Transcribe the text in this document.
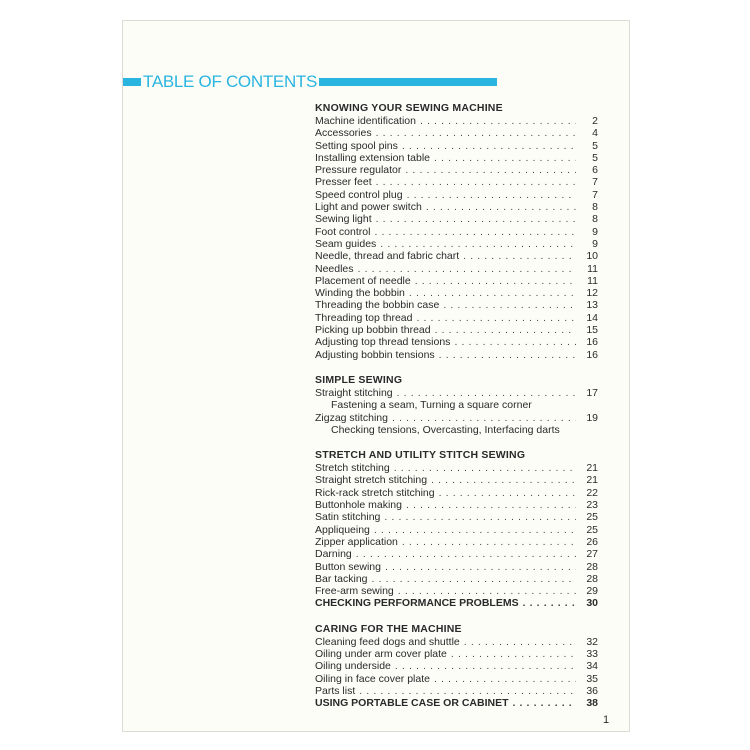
TABLE OF CONTENTS
KNOWING YOUR SEWING MACHINE
Machine identification . . .	2
Accessories . . .	4
Setting spool pins . . .	5
Installing extension table . . .	5
Pressure regulator . . .	6
Presser feet . . .	7
Speed control plug . . .	7
Light and power switch . . .	8
Sewing light . . .	8
Foot control . . .	9
Seam guides . . .	9
Needle, thread and fabric chart . . .	10
Needles . . .	11
Placement of needle . . .	11
Winding the bobbin . . .	12
Threading the bobbin case . . .	13
Threading top thread . . .	14
Picking up bobbin thread . . .	15
Adjusting top thread tensions . . .	16
Adjusting bobbin tensions . . .	16
SIMPLE SEWING
Straight stitching . . .	17
Fastening a seam, Turning a square corner
Zigzag stitching . . .	19
Checking tensions, Overcasting, Interfacing darts
STRETCH AND UTILITY STITCH SEWING
Stretch stitching . . .	21
Straight stretch stitching . . .	21
Rick-rack stretch stitching . . .	22
Buttonhole making . . .	23
Satin stitching . . .	25
Appliqueing . . .	25
Zipper application . . .	26
Darning . . .	27
Button sewing . . .	28
Bar tacking . . .	28
Free-arm sewing . . .	29
CHECKING PERFORMANCE PROBLEMS . . .	30
CARING FOR THE MACHINE
Cleaning feed dogs and shuttle . . .	32
Oiling under arm cover plate . . .	33
Oiling underside . . .	34
Oiling in face cover plate . . .	35
Parts list . . .	36
USING PORTABLE CASE OR CABINET . . .	38
1
